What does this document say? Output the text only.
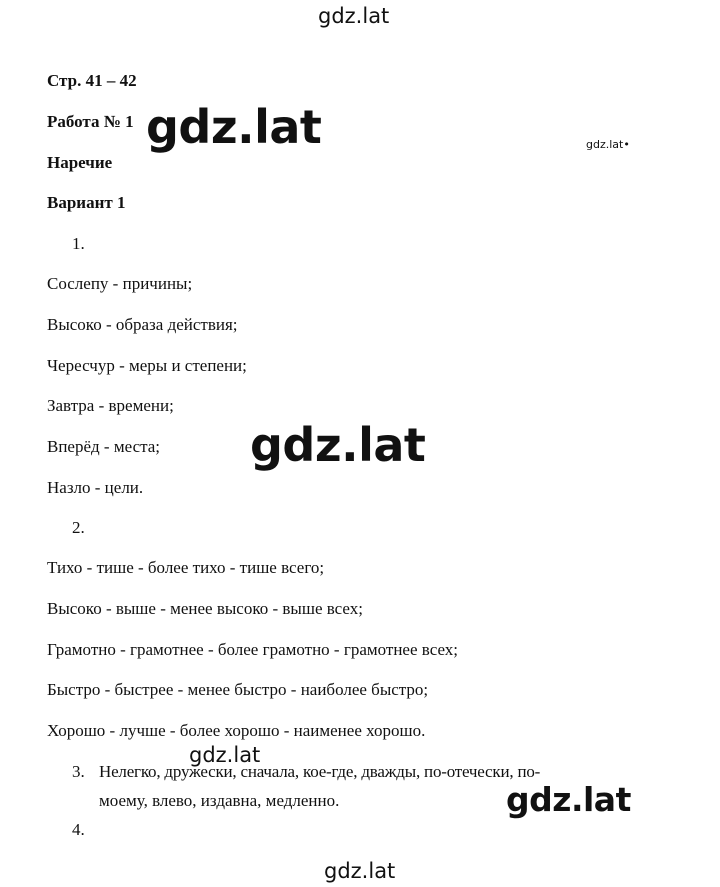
gdz.lat
gdz.lat	gdz.lat•
Стр. 41 – 42
Работа № 1
Наречие
Вариант 1
1.
Сослепу - причины;
Высоко - образа действия;
Чересчур - меры и степени;
Завтра - времени;
Вперёд - места;
Назло - цели.
gdz.lat
2.
Тихо - тише - более тихо - тише всего;
Высоко - выше - менее высоко - выше всех;
Грамотно - грамотнее - более грамотно - грамотнее всех;
Быстро - быстрее - менее быстро - наиболее быстро;
Хорошо - лучше - более хорошо - наименее хорошо.
3. Нелегко, дружески, сначала, кое-где, дважды, по-отечески, по-
моему, влево, издавна, медленно.
gdz.lat
gdz.lat
4.
gdz.lat
